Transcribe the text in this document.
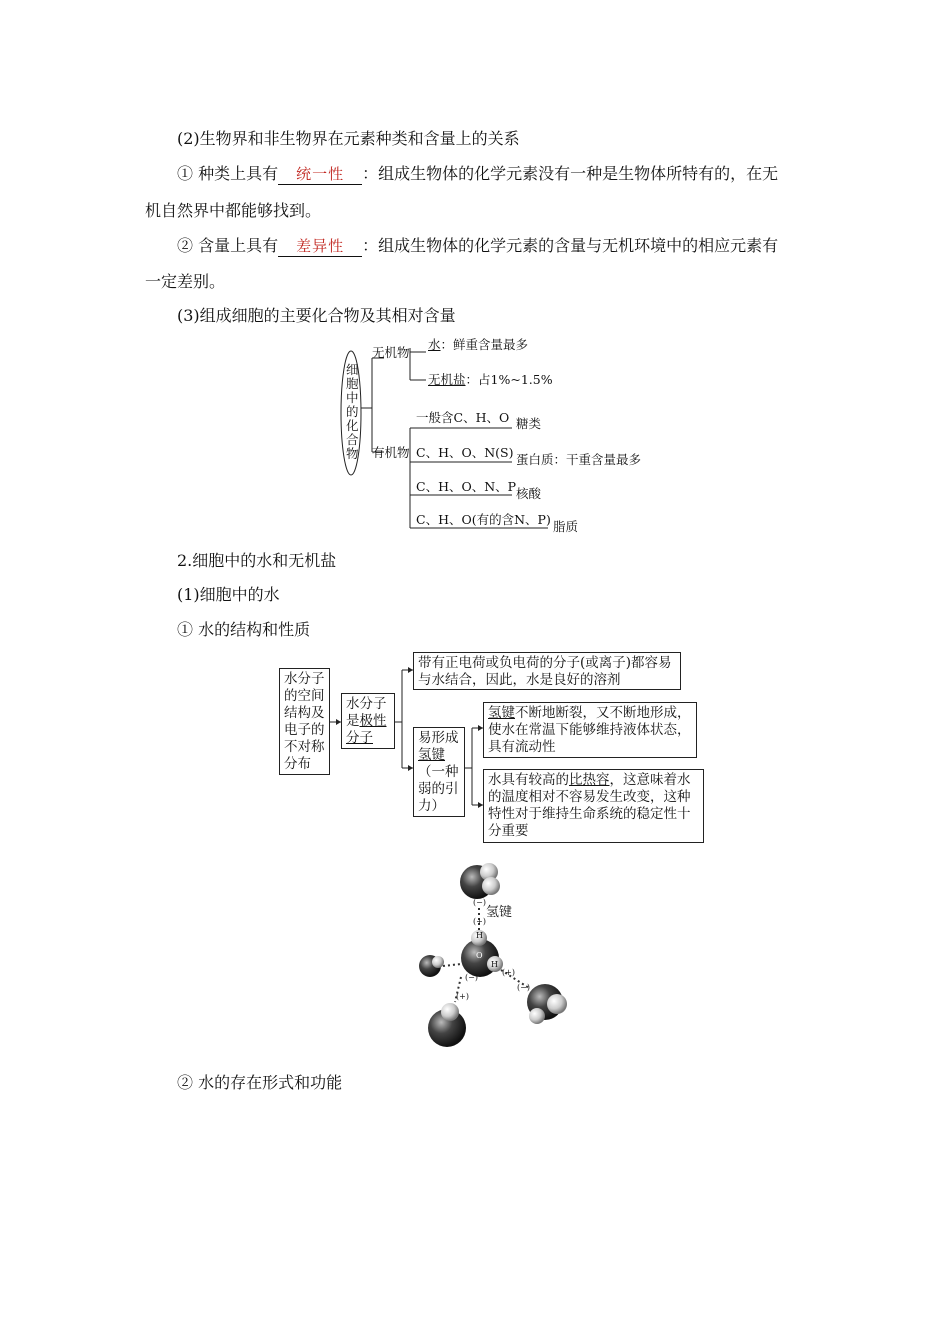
(2)生物界和非生物界在元素种类和含量上的关系
① 种类上具有 统一性 ：组成生物体的化学元素没有一种是生物体所特有的，在无
机自然界中都能够找到。
② 含量上具有 差异性 ：组成生物体的化学元素的含量与无机环境中的相应元素有
一定差别。
(3)组成细胞的主要化合物及其相对含量
细胞中的化合物
无机物
水：鲜重含量最多
无机盐：占1%~1.5%
有机物
一般含C、H、O 糖类
C、H、O、N(S) 蛋白质：干重含量最多
C、H、O、N、P 核酸
C、H、O(有的含N、P) 脂质
2.细胞中的水和无机盐
(1)细胞中的水
① 水的结构和性质
水分子的空间结构及电子的不对称分布
水分子是极性分子
带有正电荷或负电荷的分子(或离子)都容易与水结合，因此，水是良好的溶剂
易形成氢键（一种弱的引力）
氢键不断地断裂，又不断地形成，使水在常温下能够维持液体状态，具有流动性
水具有较高的比热容，这意味着水的温度相对不容易发生改变，这种特性对于维持生命系统的稳定性十分重要
(−)
(+)
氢键
H
O
H
(−)
(+)
(−)
(+)
② 水的存在形式和功能
